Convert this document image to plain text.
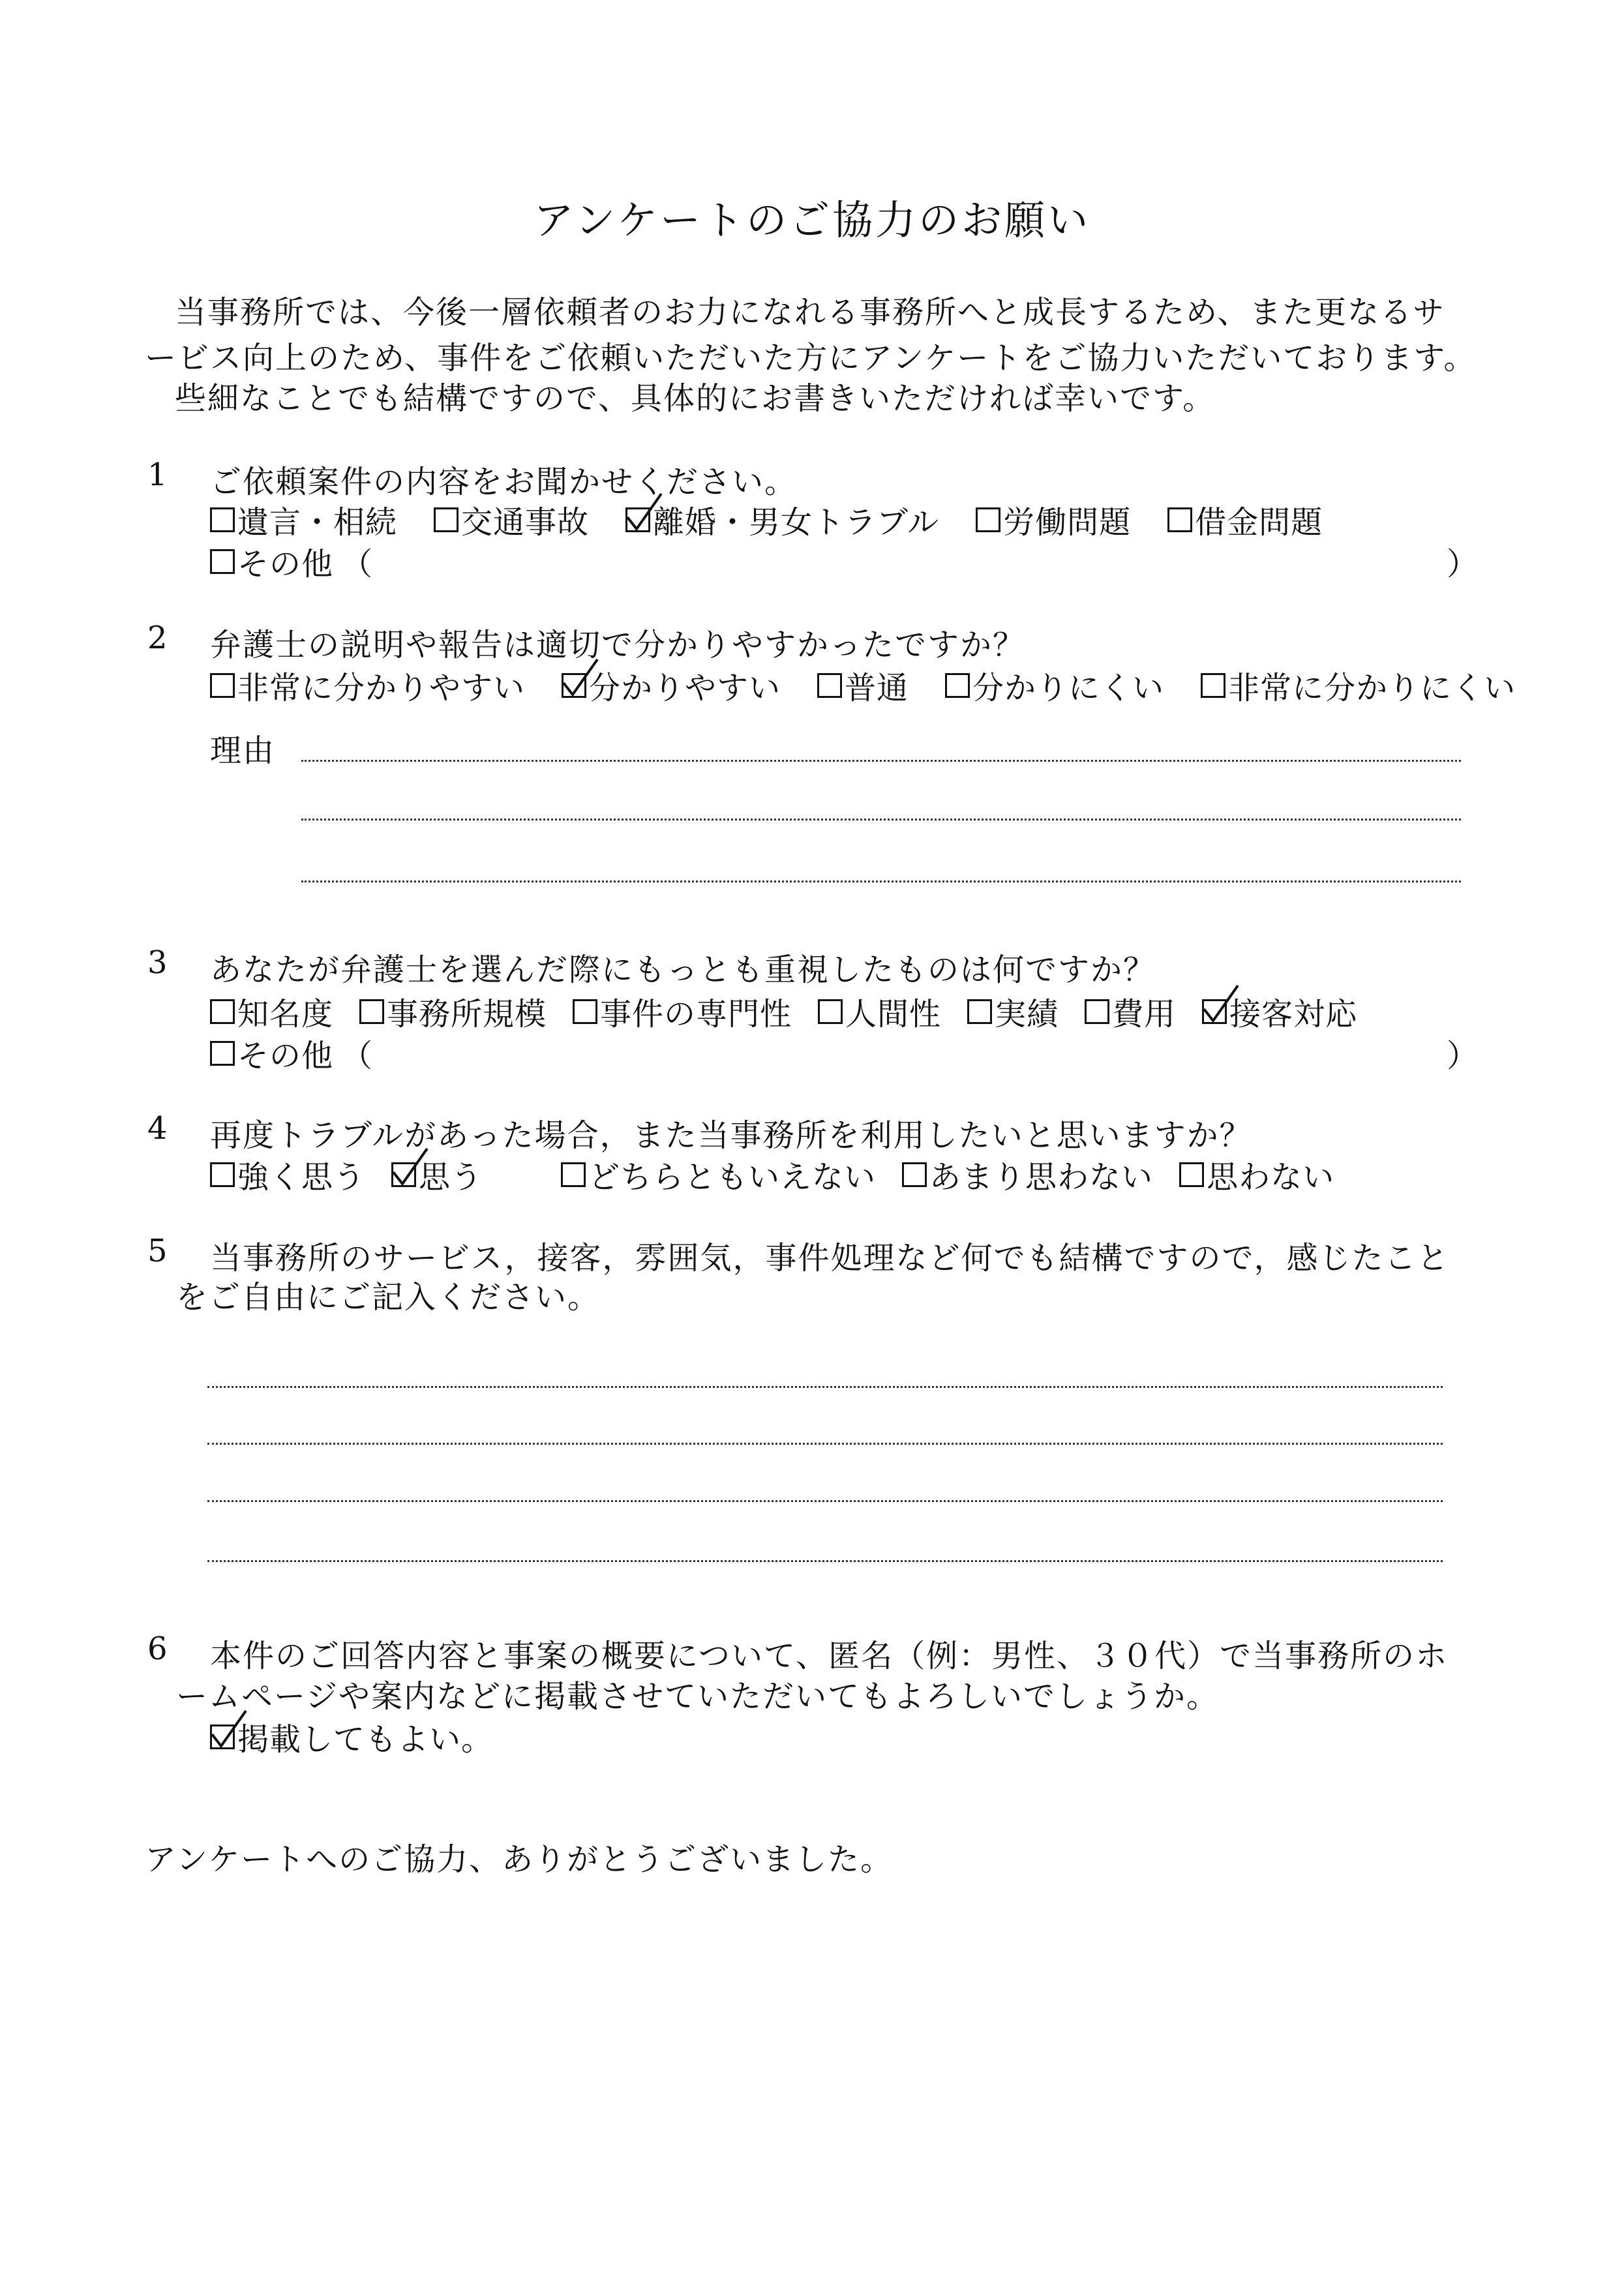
アンケートのご協力のお願い
当事務所では、今後一層依頼者のお力になれる事務所へと成長するため、また更なるサ
ービス向上のため、事件をご依頼いただいた方にアンケートをご協力いただいております。
些細なことでも結構ですので、具体的にお書きいただければ幸いです。
1 ご依頼案件の内容をお聞かせください。
遺言・相続 交通事故 離婚・男女トラブル 労働問題 借金問題
その他 （	）
2 弁護士の説明や報告は適切で分かりやすかったですか？
非常に分かりやすい 分かりやすい 普通 分かりにくい 非常に分かりにくい
理由
3 あなたが弁護士を選んだ際にもっとも重視したものは何ですか？
知名度 事務所規模 事件の専門性 人間性 実績 費用 接客対応
その他 （	）
4 再度トラブルがあった場合，また当事務所を利用したいと思いますか？
強く思う 思う	どちらともいえない あまり思わない 思わない
5 当事務所のサービス，接客，雰囲気，事件処理など何でも結構ですので，感じたこと
をご自由にご記入ください。
6 本件のご回答内容と事案の概要について、匿名（例：男性、３０代）で当事務所のホ
ームページや案内などに掲載させていただいてもよろしいでしょうか。
掲載してもよい。
アンケートへのご協力、ありがとうございました。
